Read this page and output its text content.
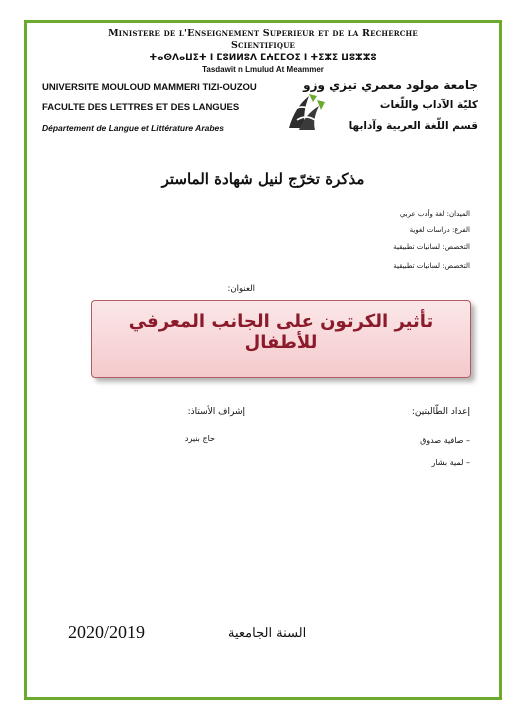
Ministere de l'Enseignement Superieur et de la Recherche
Scientifique
ⵜⴰⵙⴷⴰⵡⵉⵜ ⵏ ⵎⵓⵍⵍⵓⴷ ⵎⵄⵎⵎⵔⵉ ⵏ ⵜⵉⵣⵉ ⵡⵓⵣⵣⵓ
Tasdawit n Lmulud At Meammer
UNIVERSITE MOULOUD MAMMERI TIZI-OUZOU
FACULTE DES LETTRES ET DES LANGUES
Département de Langue et Littérature Arabes
جامعة مولود معمري تيزي وزو
كليّة الآداب واللّغات
قسم اللّغة العربية وآدابها
مذكرة تخرّج لنيل شهادة الماستر
الميدان: لغة وأدب عربي
الفرع: دراسات لغوية
التخصص: لسانيات تطبيقية
التخصص: لسانيات تطبيقية
العنوان:
تأثير الكرتون على الجانب المعرفي للأطفال
إعداد الطّالبتين:
– صافية صدوق
– لمية بشار
إشراف الأستاذ:
حاج بنيرد
السنة الجامعية
2020/2019
